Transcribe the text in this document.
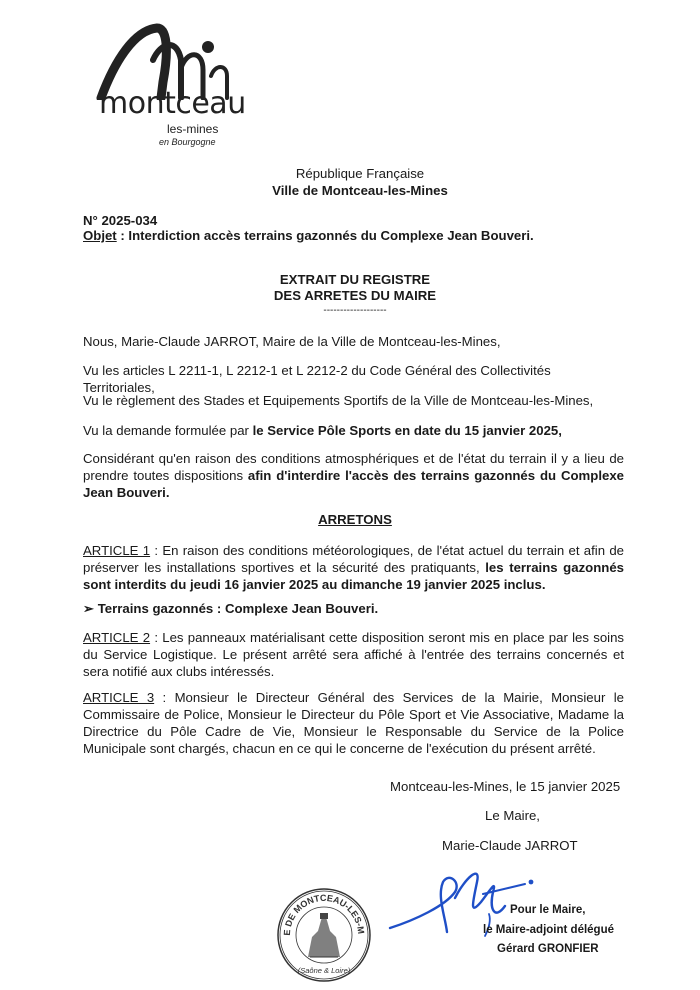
montceau
les-mines
en Bourgogne
République Française
Ville de Montceau-les-Mines
N° 2025-034
Objet : Interdiction accès terrains gazonnés du Complexe Jean Bouveri.
EXTRAIT DU REGISTRE
DES ARRETES DU MAIRE
-------------------
Nous, Marie-Claude JARROT, Maire de la Ville de Montceau-les-Mines,
Vu les articles L 2211-1, L 2212-1 et L 2212-2 du Code Général des Collectivités Territoriales,
Vu le règlement des Stades et Equipements Sportifs de la Ville de Montceau-les-Mines,
Vu la demande formulée par le Service Pôle Sports en date du 15 janvier 2025,
Considérant qu'en raison des conditions atmosphériques et de l'état du terrain il y a lieu de prendre toutes dispositions afin d'interdire l'accès des terrains gazonnés du Complexe Jean Bouveri.
ARRETONS
ARTICLE 1 : En raison des conditions météorologiques, de l'état actuel du terrain et afin de préserver les installations sportives et la sécurité des pratiquants, les terrains gazonnés sont interdits du jeudi 16 janvier 2025 au dimanche 19 janvier 2025 inclus.
➢ Terrains gazonnés : Complexe Jean Bouveri.
ARTICLE 2 : Les panneaux matérialisant cette disposition seront mis en place par les soins du Service Logistique. Le présent arrêté sera affiché à l'entrée des terrains concernés et sera notifié aux clubs intéressés.
ARTICLE 3 : Monsieur le Directeur Général des Services de la Mairie, Monsieur le Commissaire de Police, Monsieur le Directeur du Pôle Sport et Vie Associative, Madame la Directrice du Pôle Cadre de Vie, Monsieur le Responsable du Service de la Police Municipale sont chargés, chacun en ce qui le concerne de l'exécution du présent arrêté.
Montceau-les-Mines, le 15 janvier 2025
Le Maire,
Marie-Claude JARROT
E DE MONTCEAU-LES-M
(Saône & Loire)
Pour le Maire,
le Maire-adjoint délégué
Gérard GRONFIER
